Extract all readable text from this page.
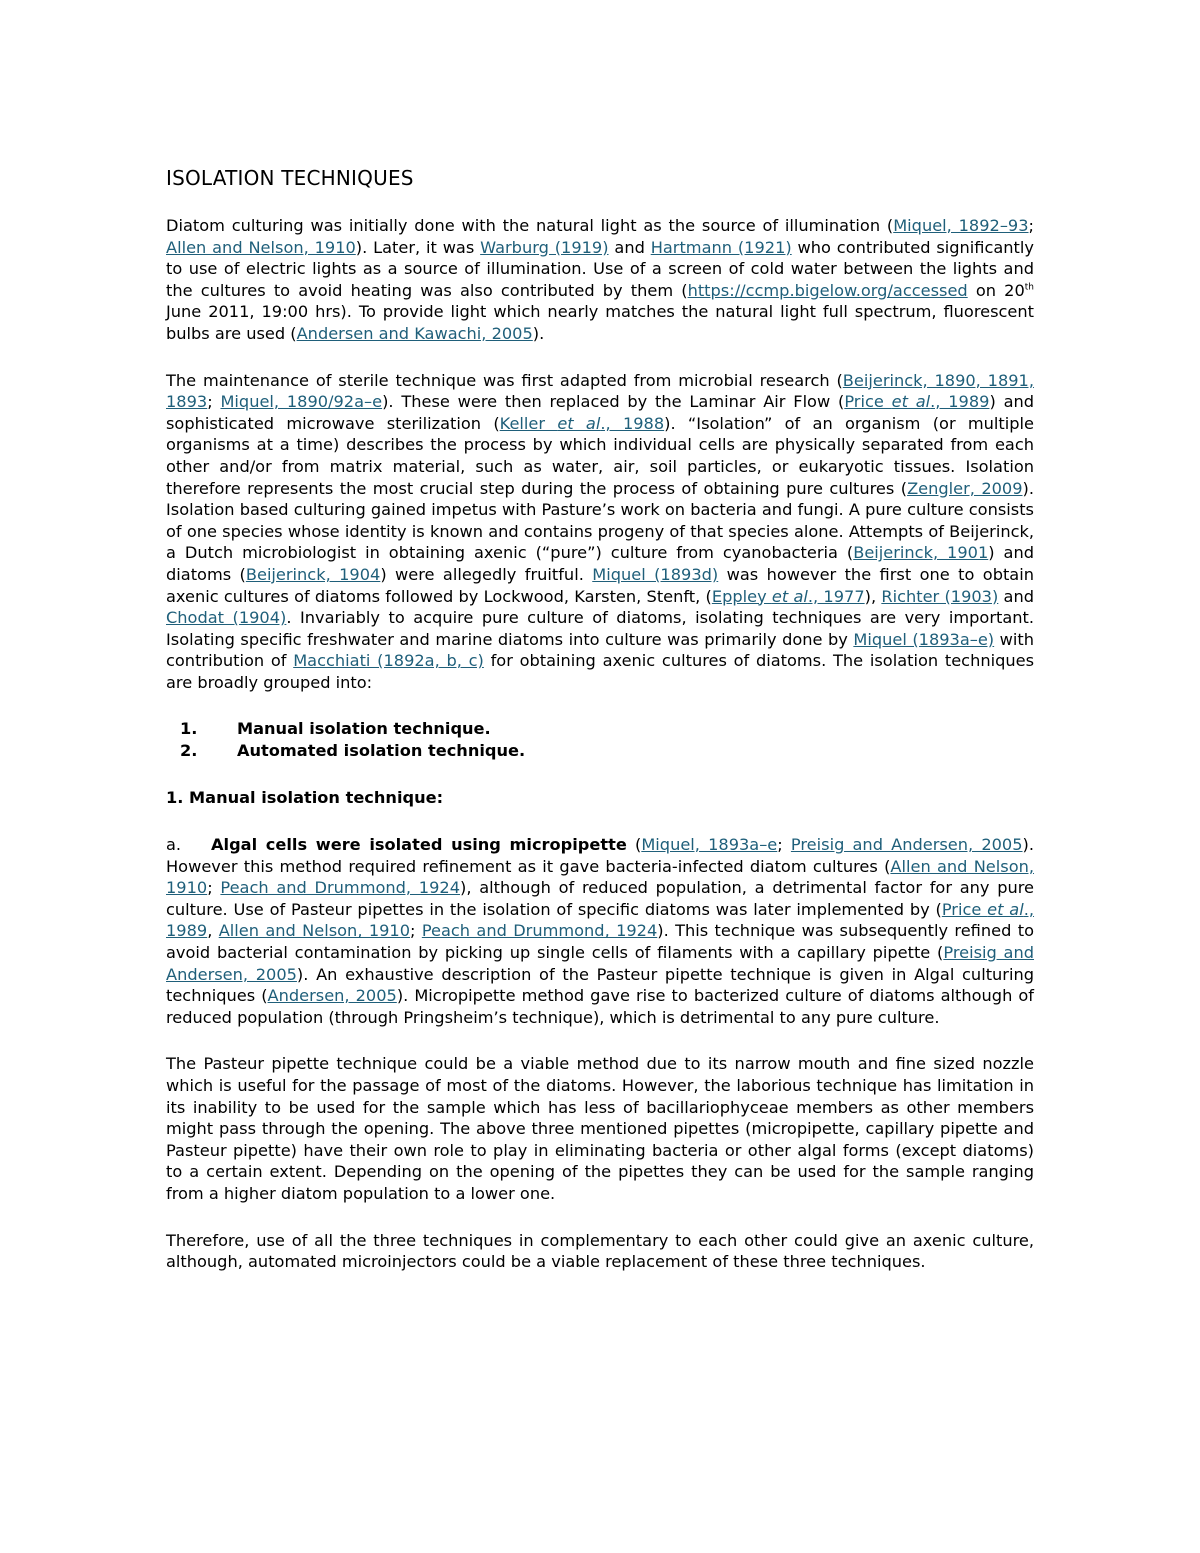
ISOLATION TECHNIQUES

Diatom culturing was initially done with the natural light as the source of illumination (Miquel, 1892–93; Allen and Nelson, 1910). Later, it was Warburg (1919) and Hartmann (1921) who contributed significantly to use of electric lights as a source of illumination. Use of a screen of cold water between the lights and the cultures to avoid heating was also contributed by them (https://ccmp.bigelow.org/accessed on 20th June 2011, 19:00 hrs). To provide light which nearly matches the natural light full spectrum, fluorescent bulbs are used (Andersen and Kawachi, 2005).

The maintenance of sterile technique was first adapted from microbial research (Beijerinck, 1890, 1891, 1893; Miquel, 1890/92a–e). These were then replaced by the Laminar Air Flow (Price et al., 1989) and sophisticated microwave sterilization (Keller et al., 1988). “Isolation” of an organism (or multiple organisms at a time) describes the process by which individual cells are physically separated from each other and/or from matrix material, such as water, air, soil particles, or eukaryotic tissues. Isolation therefore represents the most crucial step during the process of obtaining pure cultures (Zengler, 2009). Isolation based culturing gained impetus with Pasture’s work on bacteria and fungi. A pure culture consists of one species whose identity is known and contains progeny of that species alone. Attempts of Beijerinck, a Dutch microbiologist in obtaining axenic (“pure”) culture from cyanobacteria (Beijerinck, 1901) and diatoms (Beijerinck, 1904) were allegedly fruitful. Miquel (1893d) was however the first one to obtain axenic cultures of diatoms followed by Lockwood, Karsten, Stenft, (Eppley et al., 1977), Richter (1903) and Chodat (1904). Invariably to acquire pure culture of diatoms, isolating techniques are very important. Isolating specific freshwater and marine diatoms into culture was primarily done by Miquel (1893a–e) with contribution of Macchiati (1892a, b, c) for obtaining axenic cultures of diatoms. The isolation techniques are broadly grouped into:

1. Manual isolation technique.
2. Automated isolation technique.

1. Manual isolation technique:

a. Algal cells were isolated using micropipette (Miquel, 1893a–e; Preisig and Andersen, 2005). However this method required refinement as it gave bacteria-infected diatom cultures (Allen and Nelson, 1910; Peach and Drummond, 1924), although of reduced population, a detrimental factor for any pure culture. Use of Pasteur pipettes in the isolation of specific diatoms was later implemented by (Price et al., 1989, Allen and Nelson, 1910; Peach and Drummond, 1924). This technique was subsequently refined to avoid bacterial contamination by picking up single cells of filaments with a capillary pipette (Preisig and Andersen, 2005). An exhaustive description of the Pasteur pipette technique is given in Algal culturing techniques (Andersen, 2005). Micropipette method gave rise to bacterized culture of diatoms although of reduced population (through Pringsheim’s technique), which is detrimental to any pure culture.

The Pasteur pipette technique could be a viable method due to its narrow mouth and fine sized nozzle which is useful for the passage of most of the diatoms. However, the laborious technique has limitation in its inability to be used for the sample which has less of bacillariophyceae members as other members might pass through the opening. The above three mentioned pipettes (micropipette, capillary pipette and Pasteur pipette) have their own role to play in eliminating bacteria or other algal forms (except diatoms) to a certain extent. Depending on the opening of the pipettes they can be used for the sample ranging from a higher diatom population to a lower one.

Therefore, use of all the three techniques in complementary to each other could give an axenic culture, although, automated microinjectors could be a viable replacement of these three techniques.
